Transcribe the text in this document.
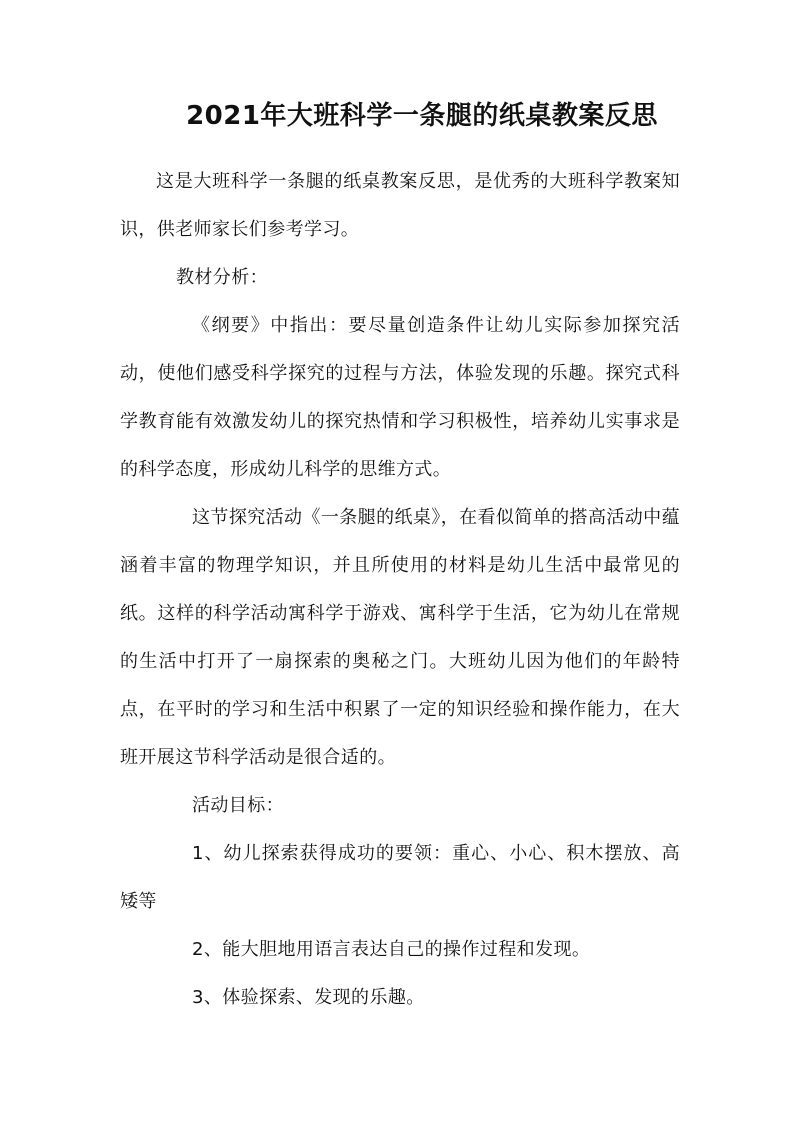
2021年大班科学一条腿的纸桌教案反思
这是大班科学一条腿的纸桌教案反思，是优秀的大班科学教案知识，供老师家长们参考学习。
教材分析：
《纲要》中指出：要尽量创造条件让幼儿实际参加探究活动，使他们感受科学探究的过程与方法，体验发现的乐趣。探究式科学教育能有效激发幼儿的探究热情和学习积极性，培养幼儿实事求是的科学态度，形成幼儿科学的思维方式。
这节探究活动《一条腿的纸桌》，在看似简单的搭高活动中蕴涵着丰富的物理学知识，并且所使用的材料是幼儿生活中最常见的纸。这样的科学活动寓科学于游戏、寓科学于生活，它为幼儿在常规的生活中打开了一扇探索的奥秘之门。大班幼儿因为他们的年龄特点，在平时的学习和生活中积累了一定的知识经验和操作能力，在大班开展这节科学活动是很合适的。
活动目标：
1、幼儿探索获得成功的要领：重心、小心、积木摆放、高矮等
2、能大胆地用语言表达自己的操作过程和发现。
3、体验探索、发现的乐趣。
